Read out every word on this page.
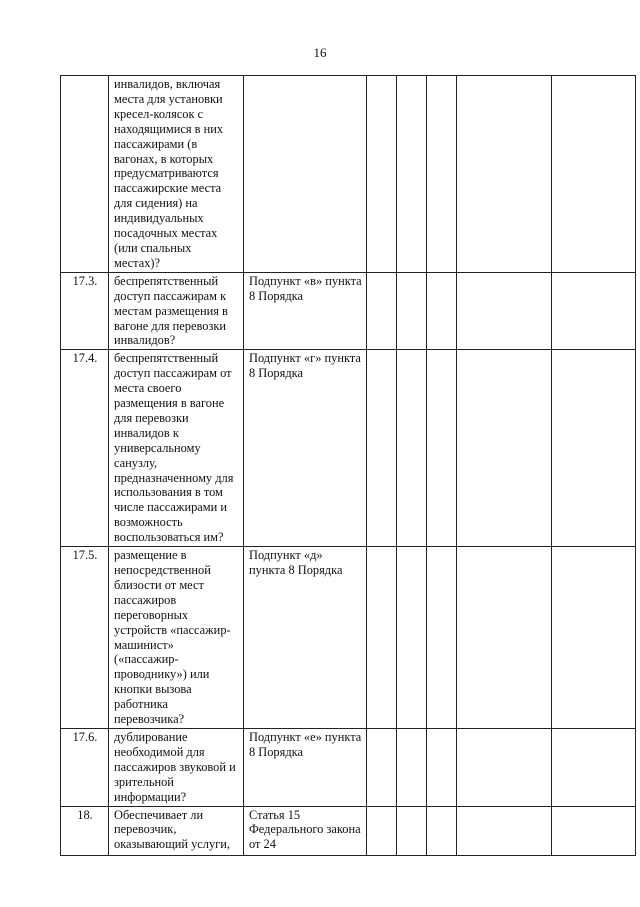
16
	инвалидов, включая места для установки кресел-колясок с находящимися в них пассажирами (в вагонах, в которых предусматриваются пассажирские места для сидения) на индивидуальных посадочных местах (или спальных местах)?						
17.3.	беспрепятственный доступ пассажирам к местам размещения в вагоне для перевозки инвалидов?	Подпункт «в» пункта 8 Порядка					
17.4.	беспрепятственный доступ пассажирам от места своего размещения в вагоне для перевозки инвалидов к универсальному санузлу, предназначенному для использования в том числе пассажирами и возможность воспользоваться им?	Подпункт «г» пункта 8 Порядка					
17.5.	размещение в непосредственной близости от мест пассажиров переговорных устройств «пассажир-машинист» («пассажир-проводнику») или кнопки вызова работника перевозчика?	Подпункт «д» пункта 8 Порядка					
17.6.	дублирование необходимой для пассажиров звуковой и зрительной информации?	Подпункт «е» пункта 8 Порядка					
18.	Обеспечивает ли перевозчик, оказывающий услуги,	Статья 15 Федерального закона от 24					
